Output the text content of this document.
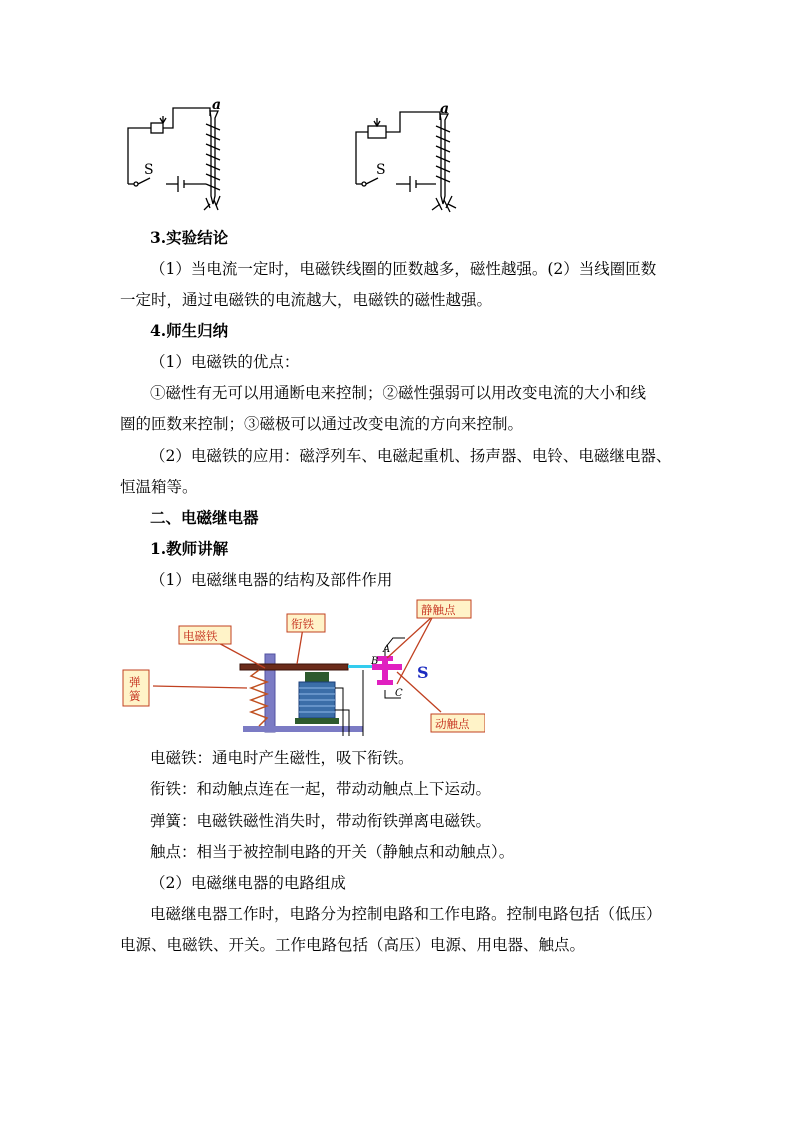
a
S
a
S
3.实验结论
（1）当电流一定时，电磁铁线圈的匝数越多，磁性越强。(2）当线圈匝数
一定时，通过电磁铁的电流越大，电磁铁的磁性越强。
4.师生归纳
（1）电磁铁的优点：
①磁性有无可以用通断电来控制；②磁性强弱可以用改变电流的大小和线
圈的匝数来控制；③磁极可以通过改变电流的方向来控制。
（2）电磁铁的应用：磁浮列车、电磁起重机、扬声器、电铃、电磁继电器、
恒温箱等。
二、电磁继电器
1.教师讲解
（1）电磁继电器的结构及部件作用
A
B
C
S
电磁铁
衔铁
弹
簧
静触点
动触点
电磁铁：通电时产生磁性，吸下衔铁。
衔铁：和动触点连在一起，带动动触点上下运动。
弹簧：电磁铁磁性消失时，带动衔铁弹离电磁铁。
触点：相当于被控制电路的开关（静触点和动触点）。
（2）电磁继电器的电路组成
电磁继电器工作时，电路分为控制电路和工作电路。控制电路包括（低压）
电源、电磁铁、开关。工作电路包括（高压）电源、用电器、触点。
